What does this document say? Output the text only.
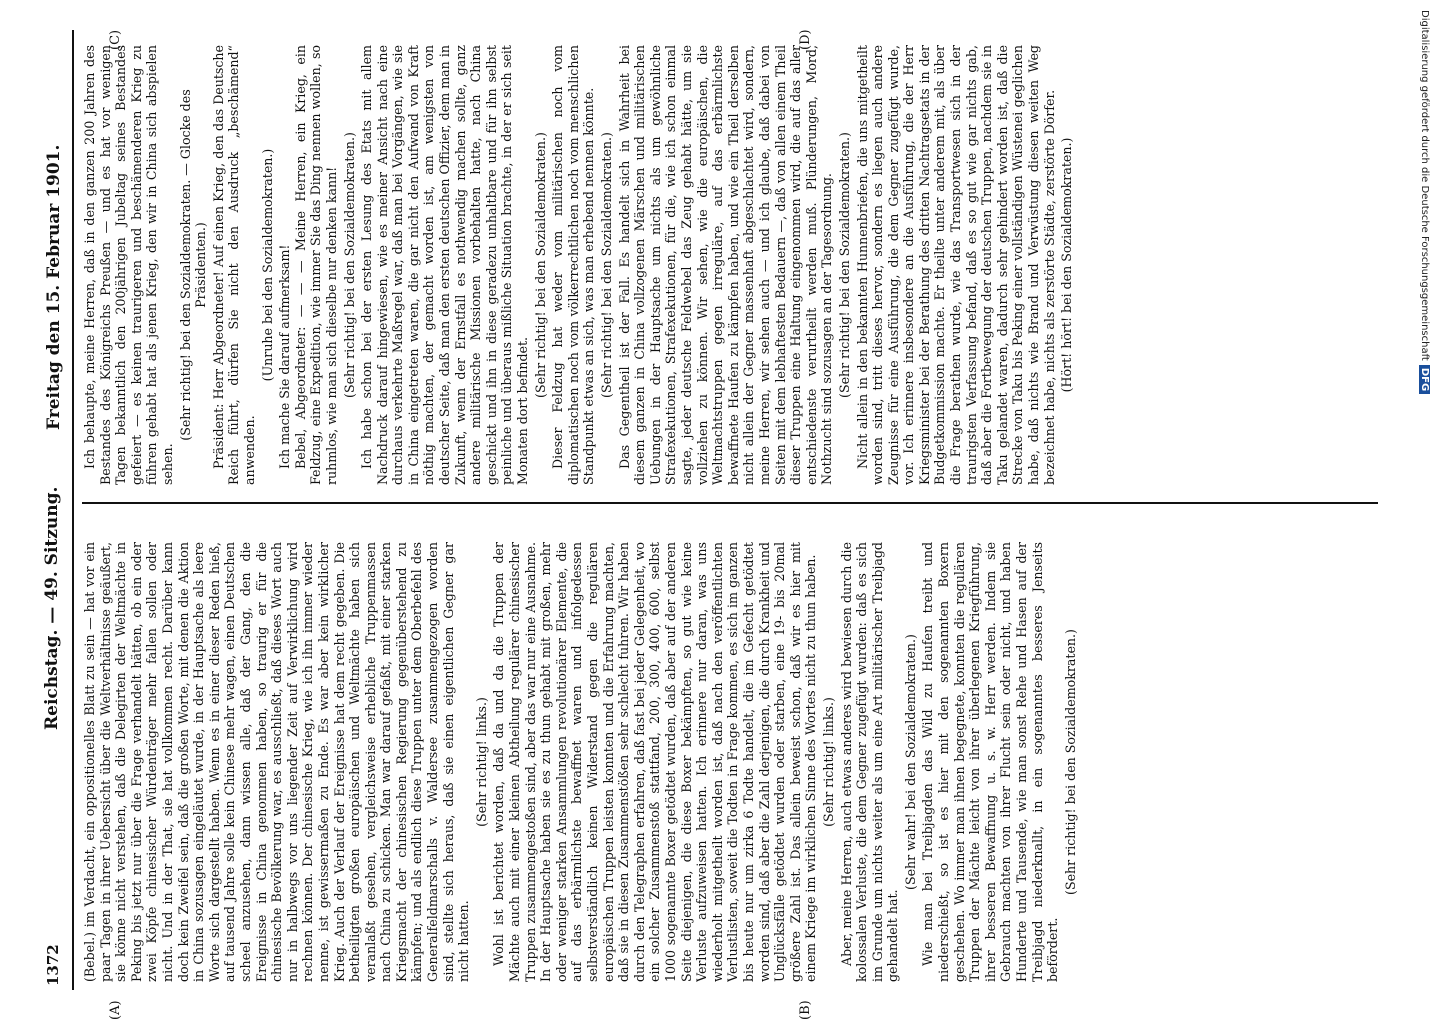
1372
Reichstag. — 49. Sitzung.
Freitag den 15. Februar 1901.
(A)	(B)
(C)	(D)

(Bebel.) im Verdacht, ein oppositionelles Blatt zu sein — hat vor ein paar Tagen in ihrer Uebersicht über die Weltverhältnisse geäußert, sie könne nicht verstehen, daß die Delegirten der Weltmächte in Peking bis jetzt nur über die Frage verhandelt hätten, ob ein oder zwei Köpfe chinesischer Würdenträger mehr fallen sollen oder nicht. Und in der That, sie hat vollkommen recht. Darüber kann doch kein Zweifel sein, daß die großen Worte, mit denen die Aktion in China sozusagen eingeläutet wurde, in der Hauptsache als leere Worte sich dargestellt haben. Wenn es in einer dieser Reden hieß, auf tausend Jahre solle kein Chinese mehr wagen, einen Deutschen scheel anzusehen, dann wissen alle, daß der Gang, den die Ereignisse in China genommen haben, so traurig er für die chinesische Bevölkerung war, es ausschließt, daß dieses Wort auch nur in halbwegs vor uns liegender Zeit auf Verwirklichung wird rechnen können. Der chinesische Krieg, wie ich ihn immer wieder nenne, ist gewissermaßen zu Ende. Es war aber kein wirklicher Krieg. Auch der Verlauf der Ereignisse hat dem recht gegeben. Die betheiligten großen europäischen und Weltmächte haben sich veranlaßt gesehen, vergleichsweise erhebliche Truppenmassen nach China zu schicken. Man war darauf gefaßt, mit einer starken Kriegsmacht der chinesischen Regierung gegenüberstehend zu kämpfen; und als endlich diese Truppen unter dem Oberbefehl des Generalfeldmarschalls v. Waldersee zusammengezogen worden sind, stellte sich heraus, daß sie einen eigentlichen Gegner gar nicht hatten.

(Sehr richtig! links.) Wohl ist berichtet worden, daß da und da die Truppen der Mächte auch mit einer kleinen Abtheilung regulärer chinesischer Truppen zusammengestoßen sind, aber das war nur eine Ausnahme. In der Hauptsache haben sie es zu thun gehabt mit großen, mehr oder weniger starken Ansammlungen revolutionärer Elemente, die auf das erbärmlichste bewaffnet waren und infolgedessen selbstverständlich keinen Widerstand gegen die regulären europäischen Truppen leisten konnten und die Erfahrung machten, daß sie in diesen Zusammenstößen sehr schlecht fuhren. Wir haben durch den Telegraphen erfahren, daß fast bei jeder Gelegenheit, wo ein solcher Zusammenstoß stattfand, 200, 300, 400, 600, selbst 1000 sogenannte Boxer getödtet wurden, daß aber auf der anderen Seite diejenigen, die diese Boxer bekämpften, so gut wie keine Verluste aufzuweisen hatten. Ich erinnere nur daran, was uns wiederholt mitgetheilt worden ist, daß nach den veröffentlichten Verlustlisten, soweit die Todten in Frage kommen, es sich im ganzen bis heute nur um zirka 6 Todte handelt, die im Gefecht getödtet worden sind, daß aber die Zahl derjenigen, die durch Krankheit und Unglücksfälle getödtet wurden oder starben, eine 19- bis 20mal größere Zahl ist. Das allein beweist schon, daß wir es hier mit einem Kriege im wirklichen Sinne des Wortes nicht zu thun haben. (Sehr richtig! links.) Aber, meine Herren, auch etwas anderes wird bewiesen durch die kolossalen Verluste, die dem Gegner zugefügt wurden: daß es sich im Grunde um nichts weiter als um eine Art militärischer Treibjagd gehandelt hat.

(Sehr wahr! bei den Sozialdemokraten.) Wie man bei Treibjagden das Wild zu Haufen treibt und niederschießt, so ist es hier mit den sogenannten Boxern geschehen. Wo immer man ihnen begegnete, konnten die regulären Truppen der Mächte leicht von ihrer überlegenen Kriegführung, ihrer besseren Bewaffnung u. s. w. Herr werden. Indem sie Gebrauch machten von ihrer Flucht sein oder nicht, und haben Hunderte und Tausende, wie man sonst Rehe und Hasen auf der Treibjagd niederknallt, in ein sogenanntes besseres Jenseits befördert.

(Sehr richtig! bei den Sozialdemokraten.)

Ich behaupte, meine Herren, daß in den ganzen 200 Jahren des Bestandes des Königreichs Preußen — und es hat vor wenigen Tagen bekanntlich den 200jährigen Jubeltag seines Bestandes gefeiert — es keinen traurigeren und beschämenderen Krieg zu führen gehabt hat als jenen Krieg, den wir in China sich abspielen sehen.

(Sehr richtig! bei den Sozialdemokraten. — Glocke des Präsidenten.) Präsident: Herr Abgeordneter! Auf einen Krieg, den das Deutsche Reich führt, dürfen Sie nicht den Ausdruck „beschämend“ anwenden.

(Unruhe bei den Sozialdemokraten.) Ich mache Sie darauf aufmerksam! Bebel, Abgeordneter: — — — Meine Herren, ein Krieg, ein Feldzug, eine Expedition, wie immer Sie das Ding nennen wollen, so ruhmlos, wie man sich dieselbe nur denken kann! (Sehr richtig! bei den Sozialdemokraten.) Ich habe schon bei der ersten Lesung des Etats mit allem Nachdruck darauf hingewiesen, wie es meiner Ansicht nach eine durchaus verkehrte Maßregel war, daß man bei Vorgängen, wie sie in China eingetreten waren, die gar nicht den Aufwand von Kraft nöthig machten, der gemacht worden ist, am wenigsten von deutscher Seite, daß man den ersten deutschen Offizier, dem man in Zukunft, wenn der Ernstfall es nothwendig machen sollte, ganz andere militärische Missionen vorbehalten hatte, nach China geschickt und ihn in diese geradezu unhaltbare und für ihn selbst peinliche und überaus mißliche Situation brachte, in der er sich seit Monaten dort befindet.

(Sehr richtig! bei den Sozialdemokraten.) Dieser Feldzug hat weder vom militärischen noch vom diplomatischen noch vom völkerrechtlichen noch vom menschlichen Standpunkt etwas an sich, was man erhebend nennen könnte. (Sehr richtig! bei den Sozialdemokraten.) Das Gegentheil ist der Fall. Es handelt sich in Wahrheit bei diesem ganzen in China vollzogenen Märschen und militärischen Uebungen in der Hauptsache um nichts als um gewöhnliche Strafexekutionen, Strafexekutionen, für die, wie ich schon einmal sagte, jeder deutsche Feldwebel das Zeug gehabt hätte, um sie vollziehen zu können. Wir sehen, wie die europäischen, die Weltmachtstruppen gegen irreguläre, auf das erbärmlichste bewaffnete Haufen zu kämpfen haben, und wie ein Theil derselben nicht allein der Gegner massenhaft abgeschlachtet wird, sondern, meine Herren, wir sehen auch — und ich glaube, daß dabei von Seiten mit dem lebhaftesten Bedauern —, daß von allen einem Theil dieser Truppen eine Haltung eingenommen wird, die auf das aller entschiedenste verurtheilt werden muß. Plünderungen, Mord, Nothzucht sind sozusagen an der Tagesordnung. (Sehr richtig! bei den Sozialdemokraten.) Nicht allein in den bekannten Hunnenbriefen, die uns mitgetheilt worden sind, tritt dieses hervor, sondern es liegen auch andere Zeugnisse für eine Ausführung, die dem Gegner zugefügt wurde, vor. Ich erinnere insbesondere an die Ausführung, die der Herr Kriegsminister bei der Berathung des dritten Nachtragsetats in der Budgetkommission machte. Er theilte unter anderem mit, als über die Frage berathen wurde, wie das Transportwesen sich in der traurigsten Verfassung befand, daß es so gut wie gar nichts gab, daß aber die Fortbewegung der deutschen Truppen, nachdem sie in Taku gelandet waren, dadurch sehr gehindert worden ist, daß die Strecke von Taku bis Peking einer vollständigen Wüstenei geglichen habe, daß nichts wie Brand und Verwüstung diesen weiten Weg bezeichnet habe, nichts als zerstörte Städte, zerstörte Dörfer. (Hört! hört! bei den Sozialdemokraten.)	Digitalisierung gefördert durch die Deutsche ForschungsgemeinschaftDFG
